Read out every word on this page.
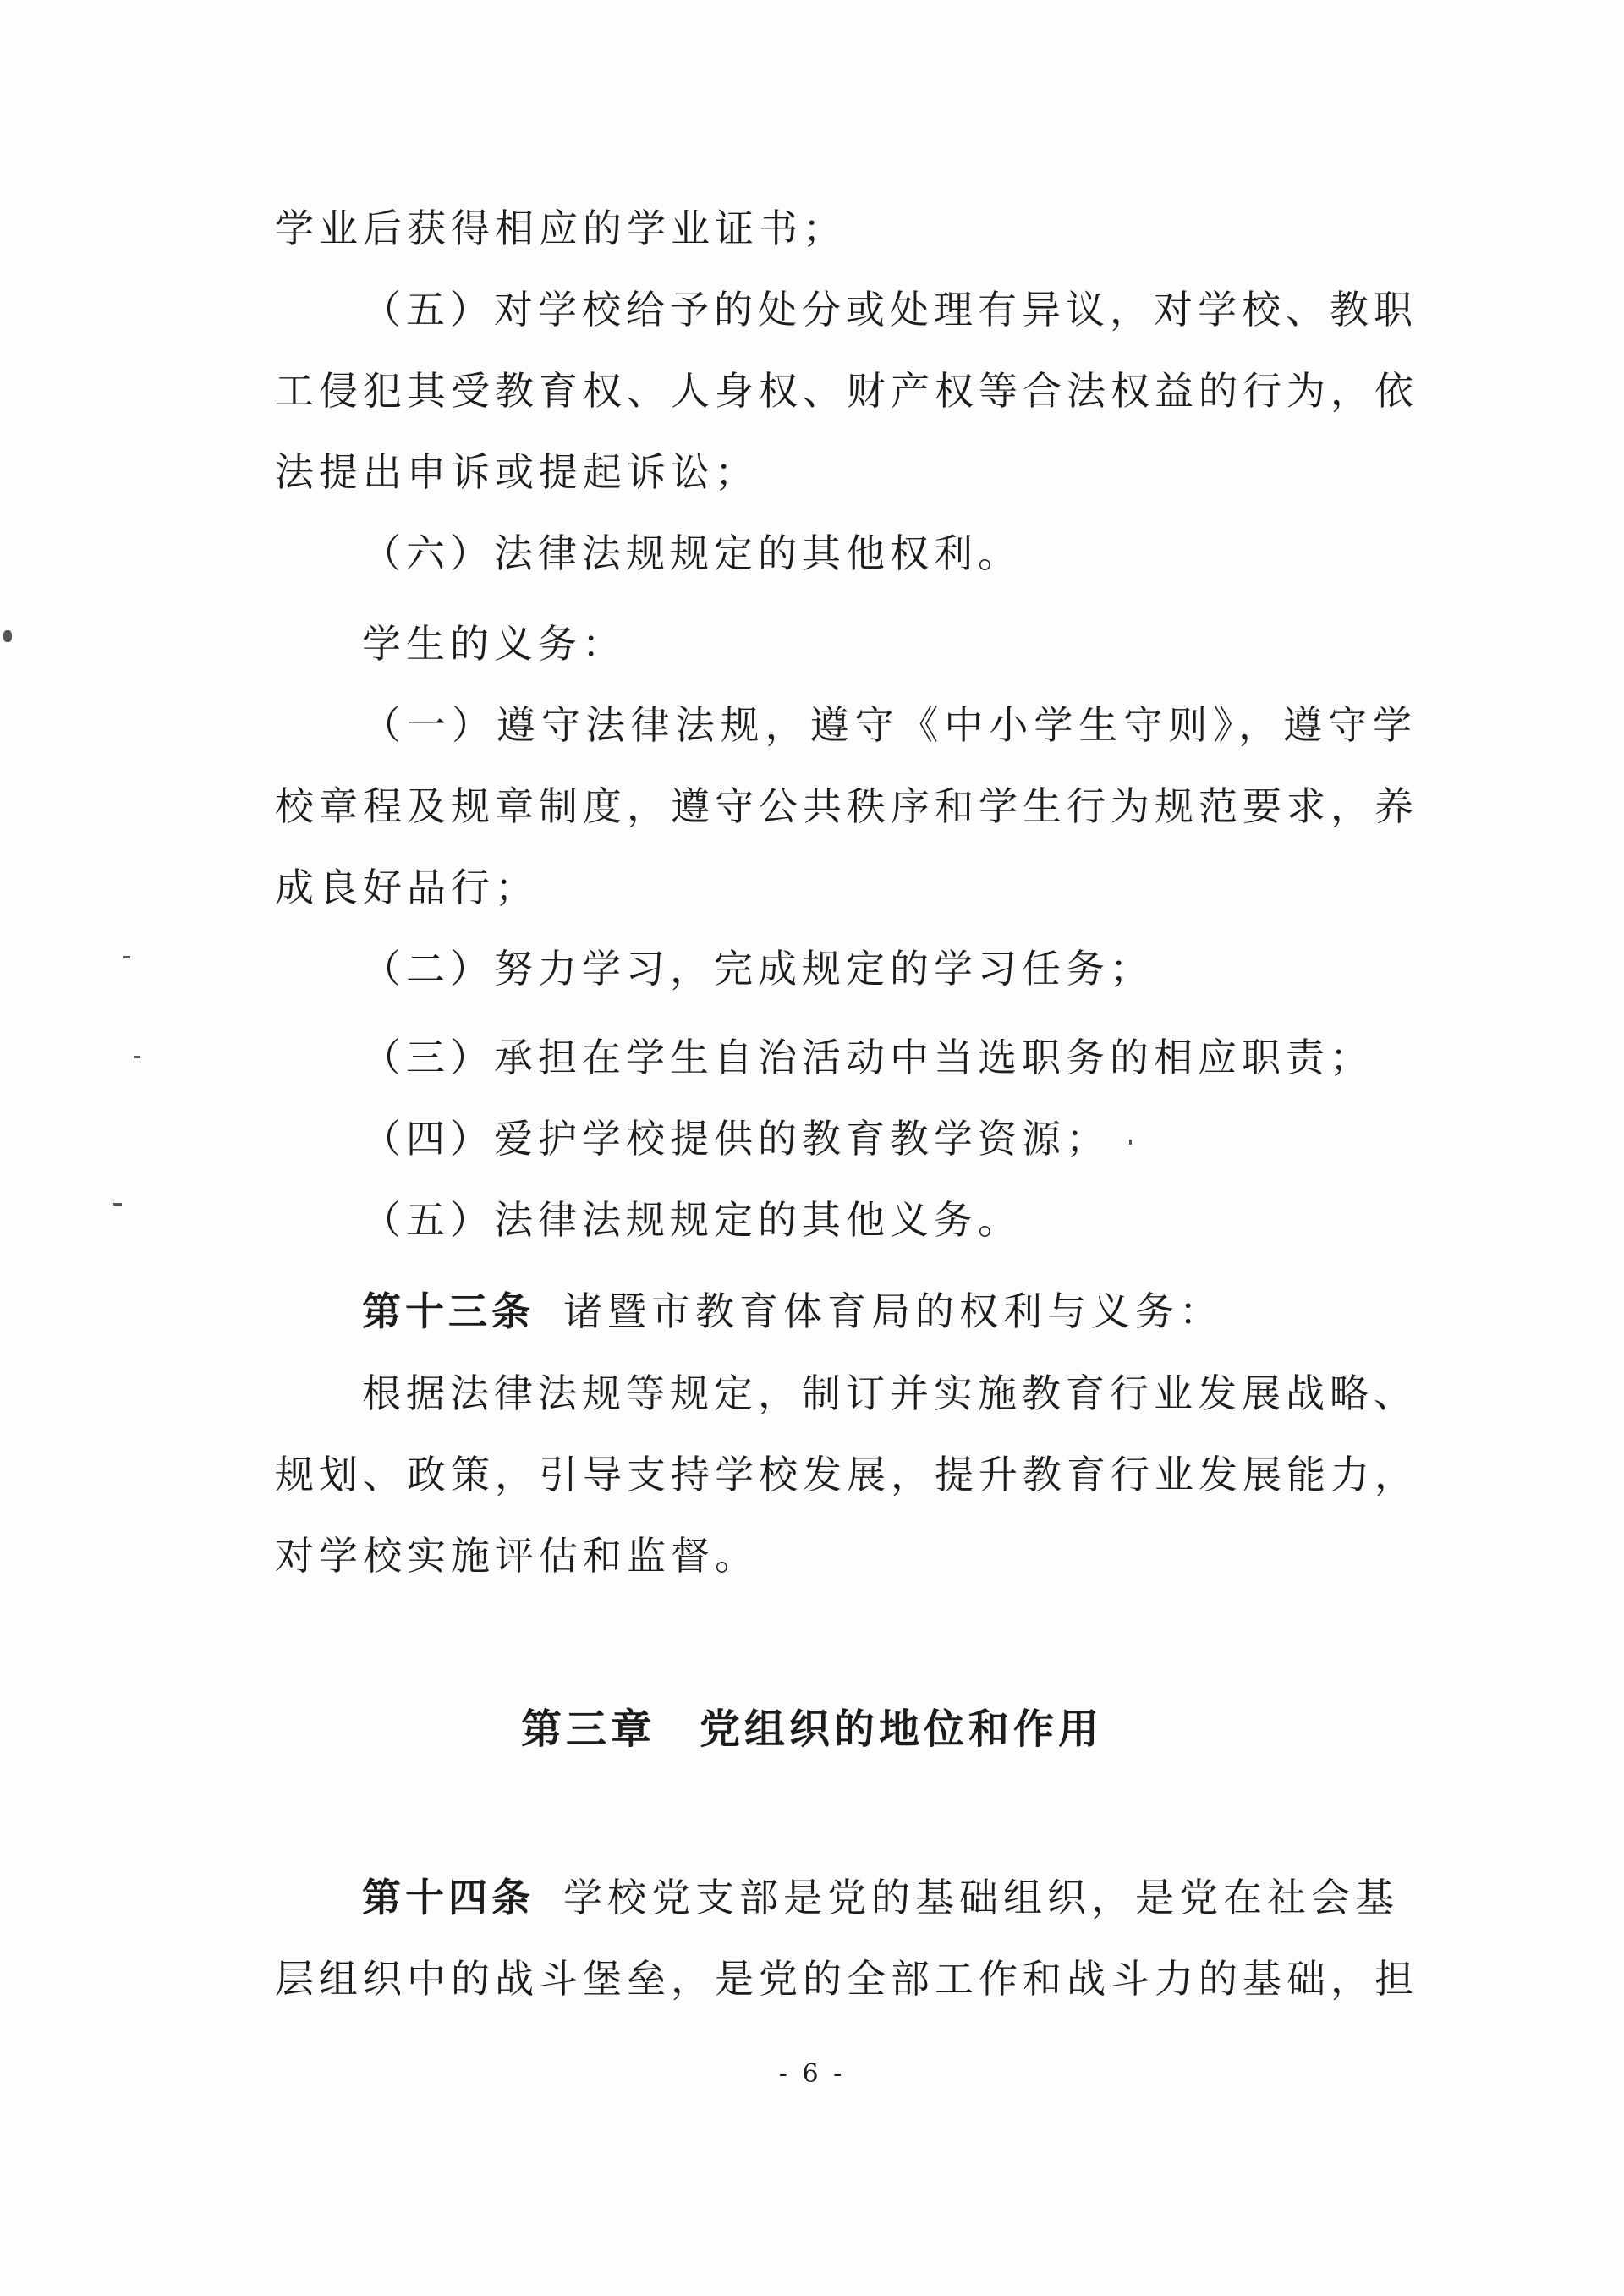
学业后获得相应的学业证书；
（五）对学校给予的处分或处理有异议，对学校、教职
工侵犯其受教育权、人身权、财产权等合法权益的行为，依
法提出申诉或提起诉讼；
（六）法律法规规定的其他权利。
学生的义务：
（一）遵守法律法规，遵守《中小学生守则》，遵守学
校章程及规章制度，遵守公共秩序和学生行为规范要求，养
成良好品行；
（二）努力学习，完成规定的学习任务；
（三）承担在学生自治活动中当选职务的相应职责；
（四）爱护学校提供的教育教学资源；
（五）法律法规规定的其他义务。
第十三条 诸暨市教育体育局的权利与义务：
根据法律法规等规定，制订并实施教育行业发展战略、
规划、政策，引导支持学校发展，提升教育行业发展能力，
对学校实施评估和监督。
第三章 党组织的地位和作用
第十四条 学校党支部是党的基础组织，是党在社会基
层组织中的战斗堡垒，是党的全部工作和战斗力的基础，担
- 6 -
